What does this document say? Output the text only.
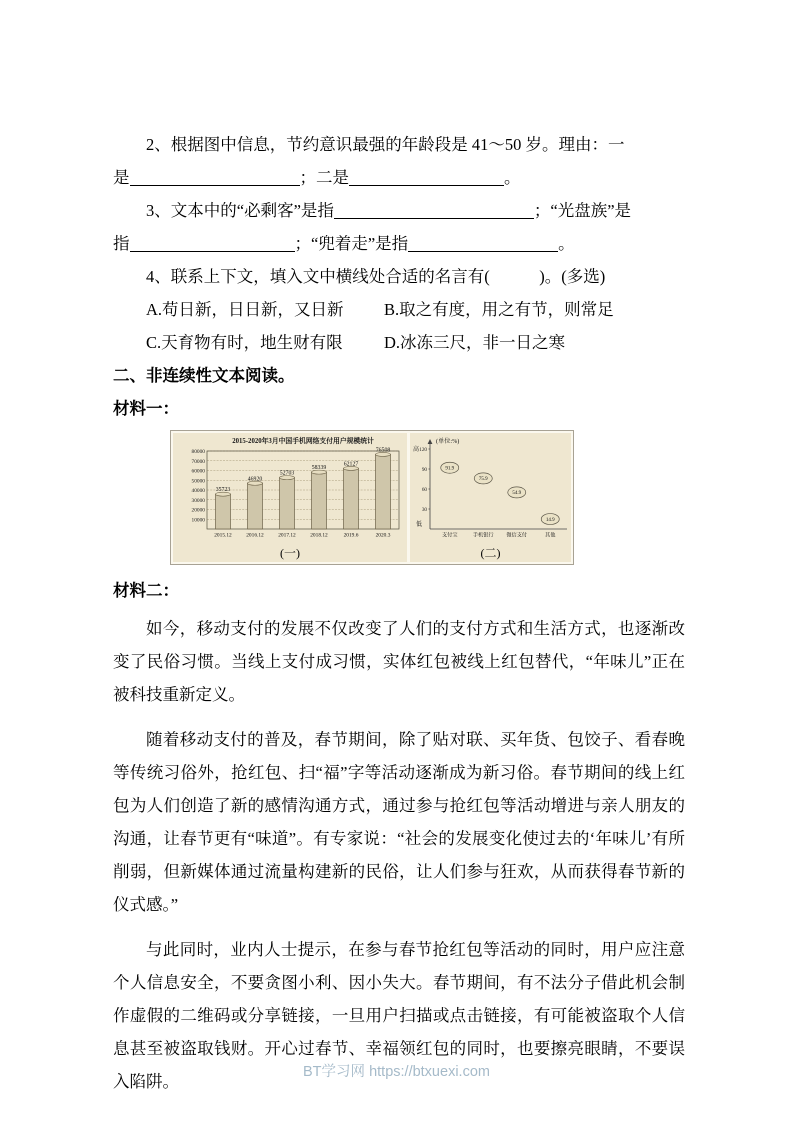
2、根据图中信息，节约意识最强的年龄段是 41～50 岁。理由：一
是	；二是	。

3、文本中的“必剩客”是指	；“光盘族”是
指	；“兜着走”是指	。

4、联系上下文，填入文中横线处合适的名言有(　　　)。(多选)

A.苟日新，日日新，又日新	B.取之有度，用之有节，则常足
C.天育物有时，地生财有限	D.冰冻三尺，非一日之寒

二、非连续性文本阅读。

材料一：

2015-2020年3月中国手机网络支付用户规模统计
10000
20000
30000
40000
50000
60000
70000
80000
35723
2015.12
46920
2016.12
52703
2017.12
58339
2018.12
62127
2019.6
76508
2020.3
(一)
(单位:%)
30
60
90
120
高
低
91.9
支付宝
75.9
手机银行
54.9
微信支付
14.9
其他
(二)

材料二：

如今，移动支付的发展不仅改变了人们的支付方式和生活方式，也逐渐改变了民俗习惯。当线上支付成习惯，实体红包被线上红包替代，“年味儿”正在被科技重新定义。

随着移动支付的普及，春节期间，除了贴对联、买年货、包饺子、看春晚等传统习俗外，抢红包、扫“福”字等活动逐渐成为新习俗。春节期间的线上红包为人们创造了新的感情沟通方式，通过参与抢红包等活动增进与亲人朋友的沟通，让春节更有“味道”。有专家说：“社会的发展变化使过去的‘年味儿’有所削弱，但新媒体通过流量构建新的民俗，让人们参与狂欢，从而获得春节新的仪式感。”

与此同时，业内人士提示，在参与春节抢红包等活动的同时，用户应注意个人信息安全，不要贪图小利、因小失大。春节期间，有不法分子借此机会制作虚假的二维码或分享链接，一旦用户扫描或点击链接，有可能被盗取个人信息甚至被盗取钱财。开心过春节、幸福领红包的同时，也要擦亮眼睛，不要误入陷阱。	BT学习网 https://btxuexi.com
